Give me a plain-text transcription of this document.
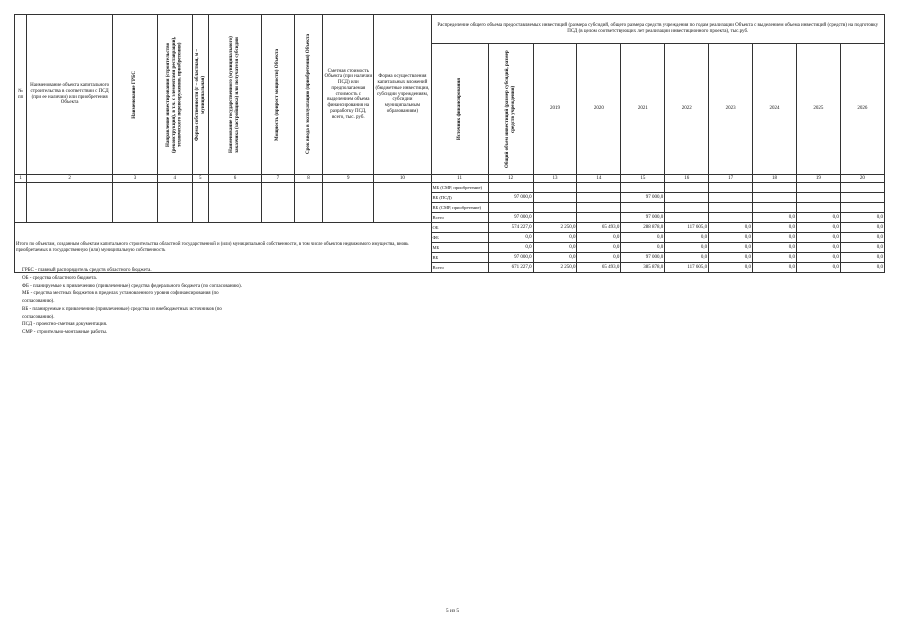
№ пп	Наименование объекта капитального строительства в соответствии с ПСД (при ее наличии) или приобретения Объекта	Наименование ГРБС	Направление инвестирования (строительство (реконструкция), в т.ч. с элементами реставрации), технического перевооружения, приобретения)	Форма собственности (г – областная, м – муниципальная)	Наименование государственного (муниципального) заказчика (застройщика) или получателя субсидии	Мощность (прирост мощности) Объекта	Срок ввода в эксплуатацию (приобретения) Объекта	Сметная стоимость Объекта (при наличии ПСД) или предполагаемая стоимость с выделением объема финансирования на разработку ПСД, всего, тыс. руб.	Форма осуществления капитальных вложений (бюджетные инвестиции, субсидии учреждениям, субсидии муниципальным образованиям)	Распределение общего объема предоставляемых инвестиций (размера субсидий, общего размера средств учреждения по годам реализации Объекта с выделением объема инвестиций (средств) на подготовку ПСД (в целом соответствующих лет реализации инвестиционного проекта), тыс.руб.									

										Источник финансирования	Общий объем инвестиций (размер субсидий, размер средств учреждения)	2019	2020	2021	2022	2023	2024	2025	2026
1	2	3	4	5	6	7	8	9	10	11	12	13	14	15	16	17	18	19	20
										МБ (СМР, приобретение)									
										ВБ (ПСД)	97 000,0			97 000,0					
										ВБ (СМР, приобретение)									
										Всего	97 000,0			97 000,0			0,0	0,0	0,0
Итого по объектам, созданным объектам капитального строительства областной государственной и (или) муниципальной собственности, в том числе объектов недвижимого имущества, вновь приобретаемых в государственную (или) муниципальную собственность										ОБ	574 227,0	2 250,0	65 493,0	288 878,0	117 605,0	0,0	0,0	0,0	0,0
										ФБ	0,0	0,0	0,0	0,0	0,0	0,0	0,0	0,0	0,0
										МБ	0,0	0,0	0,0	0,0	0,0	0,0	0,0	0,0	0,0
										ВБ	97 000,0	0,0	0,0	97 000,0	0,0	0,0	0,0	0,0	0,0
										Всего	671 227,0	2 250,0	65 493,0	385 878,0	117 605,0	0,0	0,0	0,0	0,0
ГРБС - главный распорядитель средств областного бюджета.
ОБ - средства областного бюджета.
ФБ - планируемые к привлечению (привлеченные) средства федерального бюджета (по согласованию).
МБ - средства местных бюджетов в пределах установленного уровня софинансирования (по
согласованию).
ВБ - планируемые к привлечению (привлеченные) средства из внебюджетных источников (по
согласованию).
ПСД - проектно-сметная документация.
СМР - строительно-монтажные работы.
5 из 5
